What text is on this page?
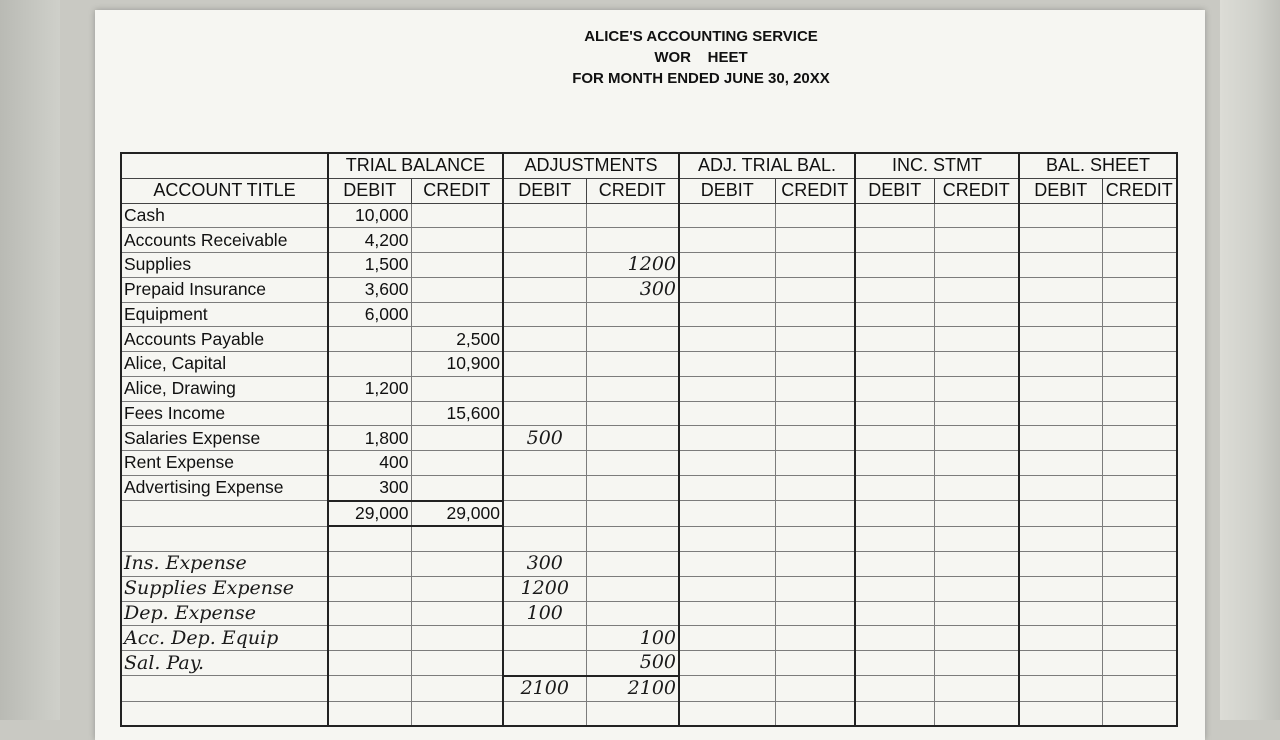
ALICE'S ACCOUNTING SERVICE
WOR    HEET
FOR MONTH ENDED JUNE 30, 20XX
	TRIAL BALANCE		ADJUSTMENTS		ADJ. TRIAL BAL.		INC. STMT		BAL. SHEET	
ACCOUNT TITLE	DEBIT	CREDIT	DEBIT	CREDIT	DEBIT	CREDIT	DEBIT	CREDIT	DEBIT	CREDIT
Cash	10,000									
Accounts Receivable	4,200									
Supplies	1,500			1200						
Prepaid Insurance	3,600			300						
Equipment	6,000									
Accounts Payable		2,500								
Alice, Capital		10,900								
Alice, Drawing	1,200									
Fees Income		15,600								
Salaries Expense	1,800		500							
Rent Expense	400									
Advertising Expense	300									
	29,000	29,000								

Ins. Expense			300							
Supplies Expense			1200							
Dep. Expense			100							
Acc. Dep. Equip				100						
Sal. Pay.				500						
			2100	2100						
